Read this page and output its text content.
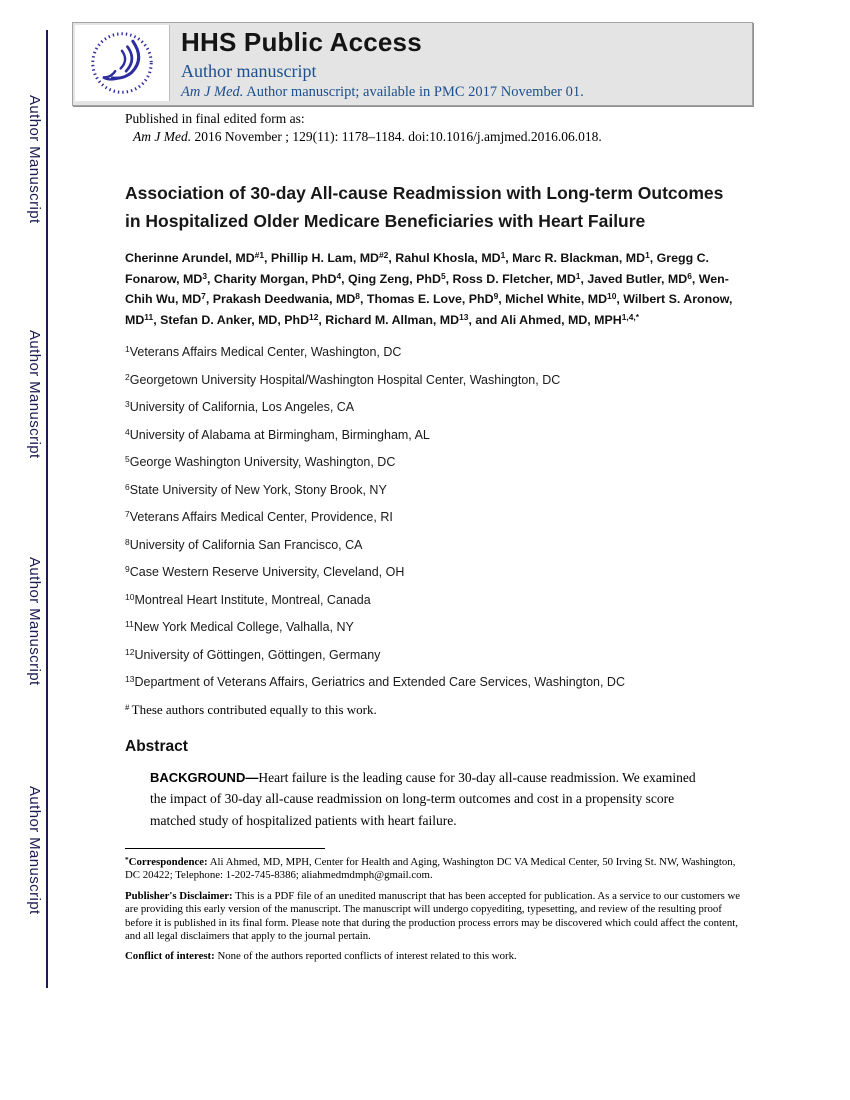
Author Manuscript
Author Manuscript
Author Manuscript
Author Manuscript
HHS Public Access
Author manuscript
Am J Med. Author manuscript; available in PMC 2017 November 01.

Published in final edited form as:

Am J Med. 2016 November ; 129(11): 1178–1184. doi:10.1016/j.amjmed.2016.06.018.

Association of 30-day All-cause Readmission with Long-term Outcomes in Hospitalized Older Medicare Beneficiaries with Heart Failure

Cherinne Arundel, MD$^{\#1}$, Phillip H. Lam, MD$^{\#2}$, Rahul Khosla, $MD^1$, Marc R. Blackman, $MD^1$, Gregg C. Fonarow, $MD^3$, Charity Morgan, PhD$^4$, Qing Zeng, PhD$^5$, Ross D. Fletcher, $MD^1$, Javed Butler, $MD^6$, Wen-Chih Wu, $MD^7$, Prakash Deedwania, $MD^8$, Thomas E. Love, PhD$^9$, Michel White, MD$^{10}$, Wilbert S. Aronow, MD$^{11}$, Stefan D. Anker, MD, PhD$^{12}$, Richard M. Allman, MD$^{13}$, and Ali Ahmed, MD, $MPH^{1,4,*}$

$^1$Veterans Affairs Medical Center, Washington, DC

$^2$Georgetown University Hospital/Washington Hospital Center, Washington, DC

$^3$University of California, Los Angeles, CA

$^4$University of Alabama at Birmingham, Birmingham, AL

$^5$George Washington University, Washington, DC

$^6$State University of New York, Stony Brook, NY

$^7$Veterans Affairs Medical Center, Providence, RI

$^8$University of California San Francisco, CA

$^9$Case Western Reserve University, Cleveland, OH

$^{10}$Montreal Heart Institute, Montreal, Canada

$^{11}$New York Medical College, Valhalla, NY

$^{12}$University of Göttingen, Göttingen, Germany

$^{13}$Department of Veterans Affairs, Geriatrics and Extended Care Services, Washington, DC

# These authors contributed equally to this work.

Abstract

BACKGROUND—Heart failure is the leading cause for 30-day all-cause readmission. We examined the impact of 30-day all-cause readmission on long-term outcomes and cost in a propensity score matched study of hospitalized patients with heart failure.

*Correspondence: Ali Ahmed, MD, MPH, Center for Health and Aging, Washington DC VA Medical Center, 50 Irving St. NW, Washington, DC 20422; Telephone: 1-202-745-8386; aliahmedmdmph@gmail.com.

Publisher's Disclaimer: This is a PDF file of an unedited manuscript that has been accepted for publication. As a service to our customers we are providing this early version of the manuscript. The manuscript will undergo copyediting, typesetting, and review of the resulting proof before it is published in its final form. Please note that during the production process errors may be discovered which could affect the content, and all legal disclaimers that apply to the journal pertain.

Conflict of interest: None of the authors reported conflicts of interest related to this work.
